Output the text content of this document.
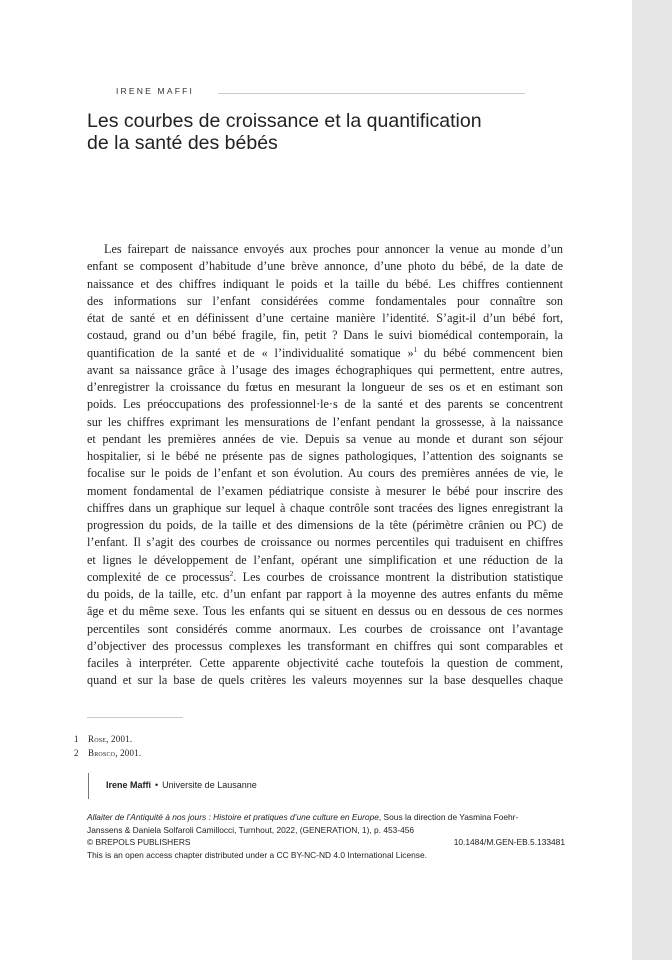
IRENE MAFFI
Les courbes de croissance et la quantification
de la santé des bébés
Les fairepart de naissance envoyés aux proches pour annoncer la venue au monde d’un
enfant se composent d’habitude d’une brève annonce, d’une photo du bébé, de la date de
naissance et des chiffres indiquant le poids et la taille du bébé. Les chiffres contiennent
des informations sur l’enfant considérées comme fondamentales pour connaître son
état de santé et en définissent d’une certaine manière l’identité. S’agit-il d’un bébé fort,
costaud, grand ou d’un bébé fragile, fin, petit ? Dans le suivi biomédical contemporain, la
quantification de la santé et de « l’individualité somatique »$^1$ du bébé commencent bien
avant sa naissance grâce à l’usage des images échographiques qui permettent, entre autres,
d’enregistrer la croissance du fœtus en mesurant la longueur de ses os et en estimant son
poids. Les préoccupations des professionnel·le·s de la santé et des parents se concentrent
sur les chiffres exprimant les mensurations de l’enfant pendant la grossesse, à la naissance
et pendant les premières années de vie. Depuis sa venue au monde et durant son séjour
hospitalier, si le bébé ne présente pas de signes pathologiques, l’attention des soignants se
focalise sur le poids de l’enfant et son évolution. Au cours des premières années de vie, le
moment fondamental de l’examen pédiatrique consiste à mesurer le bébé pour inscrire des
chiffres dans un graphique sur lequel à chaque contrôle sont tracées des lignes enregistrant la
progression du poids, de la taille et des dimensions de la tête (périmètre crânien ou PC) de
l’enfant. Il s’agit des courbes de croissance ou normes percentiles qui traduisent en chiffres
et lignes le développement de l’enfant, opérant une simplification et une réduction de la
complexité de ce processus$^2$. Les courbes de croissance montrent la distribution statistique
du poids, de la taille, etc. d’un enfant par rapport à la moyenne des autres enfants du même
âge et du même sexe. Tous les enfants qui se situent en dessus ou en dessous de ces normes
percentiles sont considérés comme anormaux. Les courbes de croissance ont l’avantage
d’objectiver des processus complexes les transformant en chiffres qui sont comparables et
faciles à interpréter. Cette apparente objectivité cache toutefois la question de comment,
quand et sur la base de quels critères les valeurs moyennes sur la base desquelles chaque
1 Rose, 2001.
2 Brosco, 2001.
Irene Maffi • Universite de Lausanne
Allaiter de l’Antiquité à nos jours : Histoire et pratiques d’une culture en Europe, Sous la direction de Yasmina Foehr-
Janssens & Daniela Solfaroli Camillocci, Turnhout, 2022, (GENERATION, 1), p. 453-456
© BREPOLS PUBLISHERS	10.1484/M.GEN-EB.5.133481
This is an open access chapter distributed under a CC BY-NC-ND 4.0 International License.
